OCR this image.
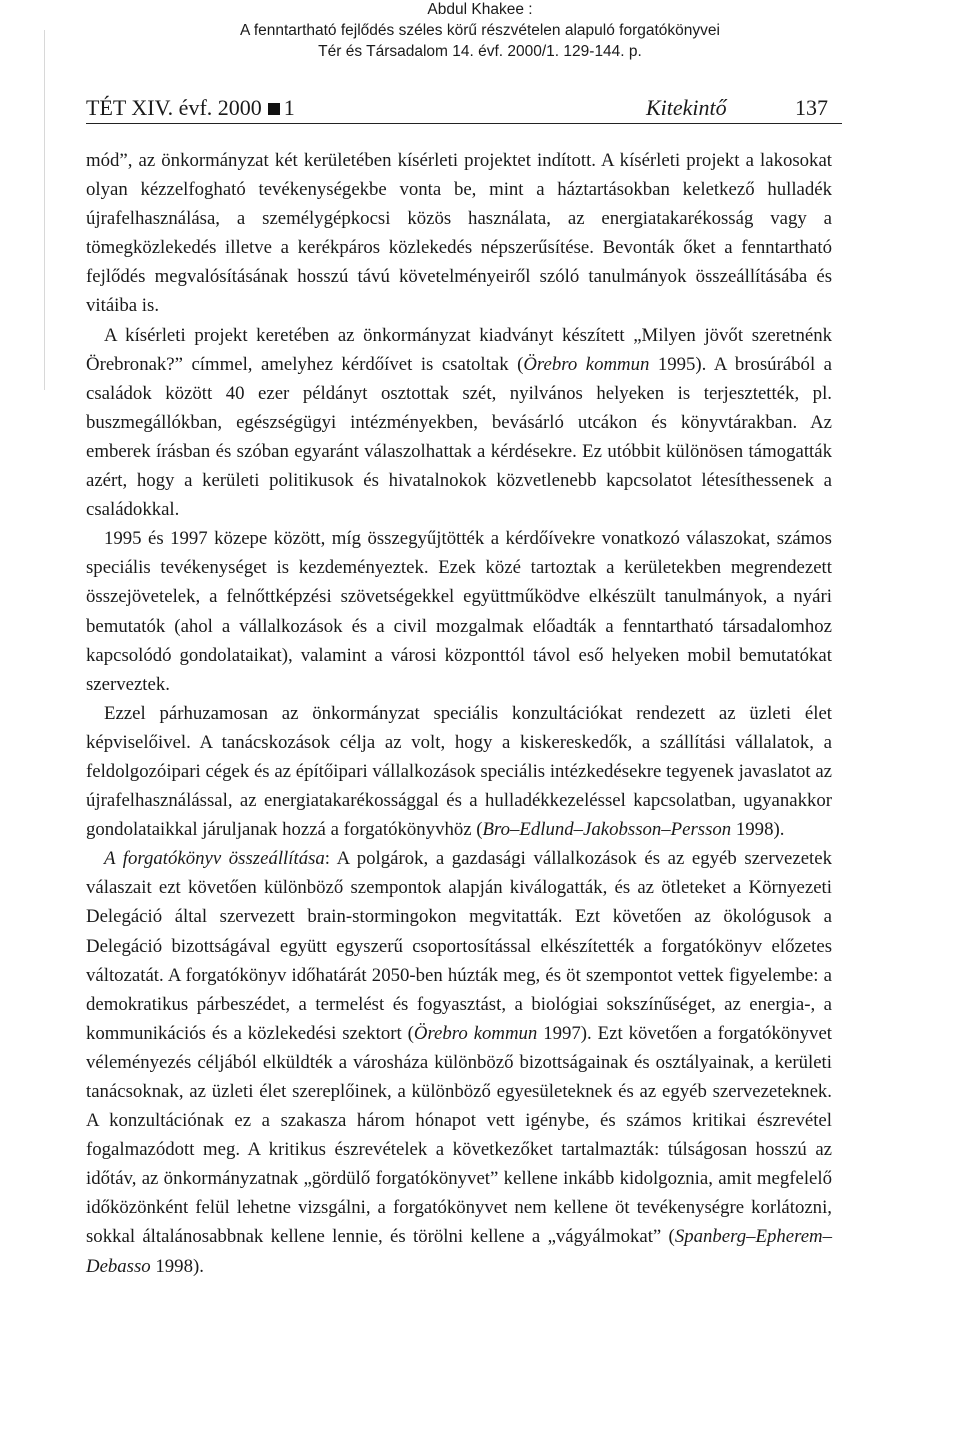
Abdul Khakee :
A fenntartható fejlődés széles körű részvételen alapuló forgatókönyvei
Tér és Társadalom 14. évf. 2000/1. 129-144. p.
TÉT XIV. évf. 2000 1	Kitekintő	137

mód”, az önkormányzat két kerületében kísérleti projektet indított. A kísérleti projekt a lakosokat olyan kézzelfogható tevékenységekbe vonta be, mint a háztartásokban keletkező hulladék újrafelhasználása, a személygépkocsi közös használata, az energiatakarékosság vagy a tömegközlekedés illetve a kerékpáros közlekedés népszerűsítése. Bevonták őket a fenntartható fejlődés megvalósításának hosszú távú követelményeiről szóló tanulmányok összeállításába és vitáiba is.

A kísérleti projekt keretében az önkormányzat kiadványt készített „Milyen jövőt szeretnénk Örebronak?” címmel, amelyhez kérdőívet is csatoltak (Örebro kommun 1995). A brosúrából a családok között 40 ezer példányt osztottak szét, nyilvános helyeken is terjesztették, pl. buszmegállókban, egészségügyi intézményekben, bevásárló utcákon és könyvtárakban. Az emberek írásban és szóban egyaránt válaszolhattak a kérdésekre. Ez utóbbit különösen támogatták azért, hogy a kerületi politikusok és hivatalnokok közvetlenebb kapcsolatot létesíthessenek a családokkal.

1995 és 1997 közepe között, míg összegyűjtötték a kérdőívekre vonatkozó válaszokat, számos speciális tevékenységet is kezdeményeztek. Ezek közé tartoztak a kerületekben megrendezett összejövetelek, a felnőttképzési szövetségekkel együttműködve elkészült tanulmányok, a nyári bemutatók (ahol a vállalkozások és a civil mozgalmak előadták a fenntartható társadalomhoz kapcsolódó gondolataikat), valamint a városi központtól távol eső helyeken mobil bemutatókat szerveztek.

Ezzel párhuzamosan az önkormányzat speciális konzultációkat rendezett az üzleti élet képviselőivel. A tanácskozások célja az volt, hogy a kiskereskedők, a szállítási vállalatok, a feldolgozóipari cégek és az építőipari vállalkozások speciális intézkedésekre tegyenek javaslatot az újrafelhasználással, az energiatakarékossággal és a hulladékkezeléssel kapcsolatban, ugyanakkor gondolataikkal járuljanak hozzá a forgatókönyvhöz (Bro–Edlund–Jakobsson–Persson 1998).

A forgatókönyv összeállítása: A polgárok, a gazdasági vállalkozások és az egyéb szervezetek válaszait ezt követően különböző szempontok alapján kiválogatták, és az ötleteket a Környezeti Delegáció által szervezett brain-stormingokon megvitatták. Ezt követően az ökológusok a Delegáció bizottságával együtt egyszerű csoportosítással elkészítették a forgatókönyv előzetes változatát. A forgatókönyv időhatárát 2050-ben húzták meg, és öt szempontot vettek figyelembe: a demokratikus párbeszédet, a termelést és fogyasztást, a biológiai sokszínűséget, az energia-, a kommunikációs és a közlekedési szektort (Örebro kommun 1997). Ezt követően a forgatókönyvet véleményezés céljából elküldték a városháza különböző bizottságainak és osztályainak, a kerületi tanácsoknak, az üzleti élet szereplőinek, a különböző egyesületeknek és az egyéb szervezeteknek. A konzultációnak ez a szakasza három hónapot vett igénybe, és számos kritikai észrevétel fogalmazódott meg. A kritikus észrevételek a következőket tartalmazták: túlságosan hosszú az időtáv, az önkormányzatnak „gördülő forgatókönyvet” kellene inkább kidolgoznia, amit megfelelő időközönként felül lehetne vizsgálni, a forgatókönyvet nem kellene öt tevékenységre korlátozni, sokkal általánosabbnak kellene lennie, és törölni kellene a „vágyálmokat” (Spanberg–Epherem–Debasso 1998).
